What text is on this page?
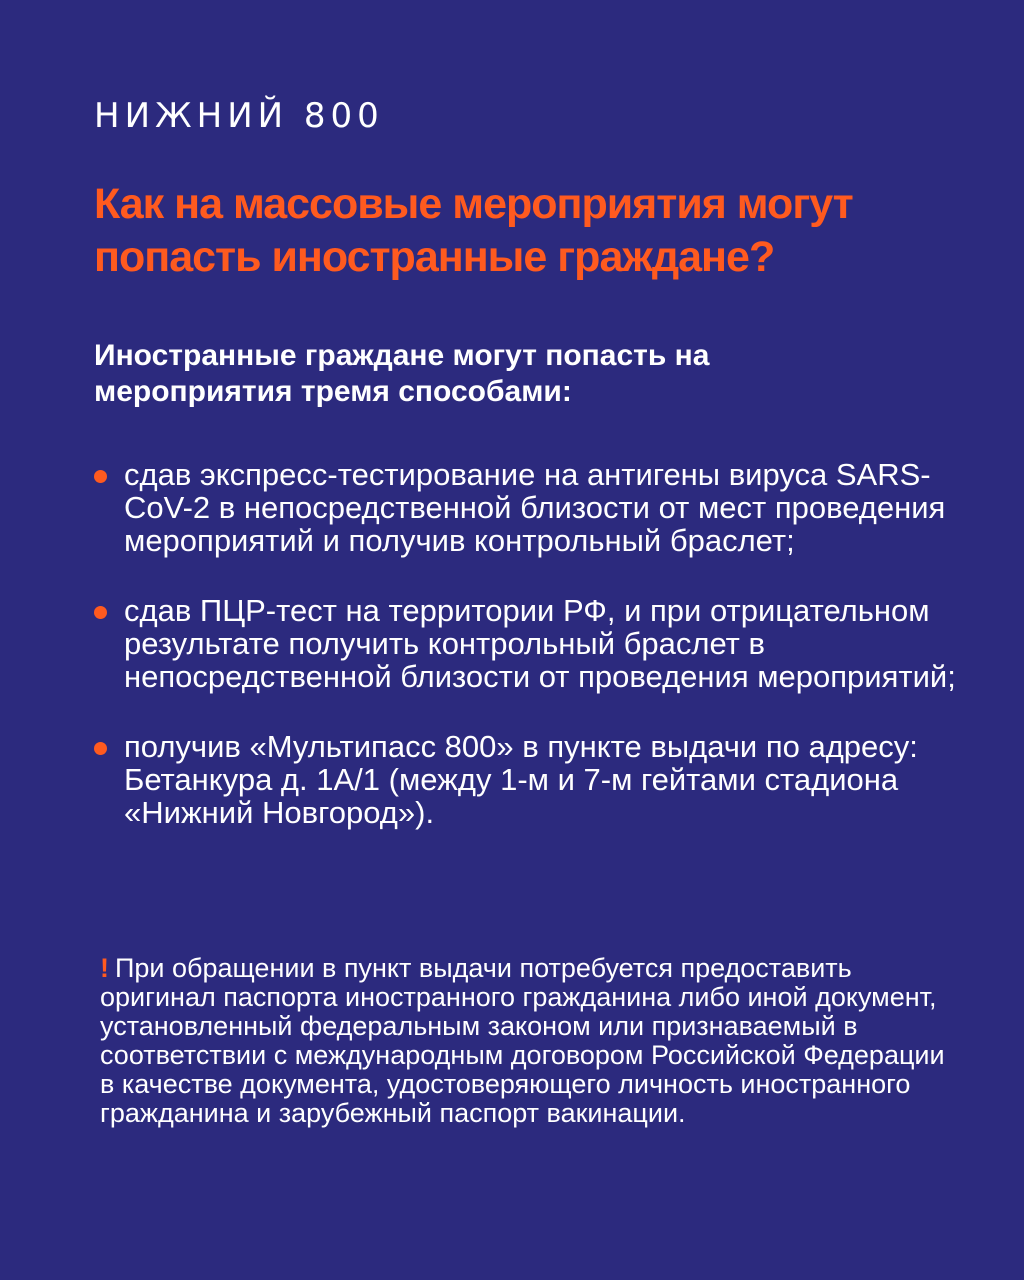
НИЖНИЙ 800
Как на массовые мероприятия могут попасть иностранные граждане?

Иностранные граждане могут попасть на мероприятия тремя способами:

сдав экспресс-тестирование на антигены вируса SARS-CoV-2 в непосредственной близости от мест проведения мероприятий и получив контрольный браслет;
сдав ПЦР-тест на территории РФ, и при отрицательном результате получить контрольный браслет в непосредственной близости от проведения мероприятий;
получив «Мультипасс 800» в пункте выдачи по адресу: Бетанкура д. 1А/1 (между 1-м и 7-м гейтами стадиона «Нижний Новгород»).

! При обращении в пункт выдачи потребуется предоставить оригинал паспорта иностранного гражданина либо иной документ, установленный федеральным законом или признаваемый в соответствии с международным договором Российской Федерации в качестве документа, удостоверяющего личность иностранного гражданина и зарубежный паспорт вакинации.
